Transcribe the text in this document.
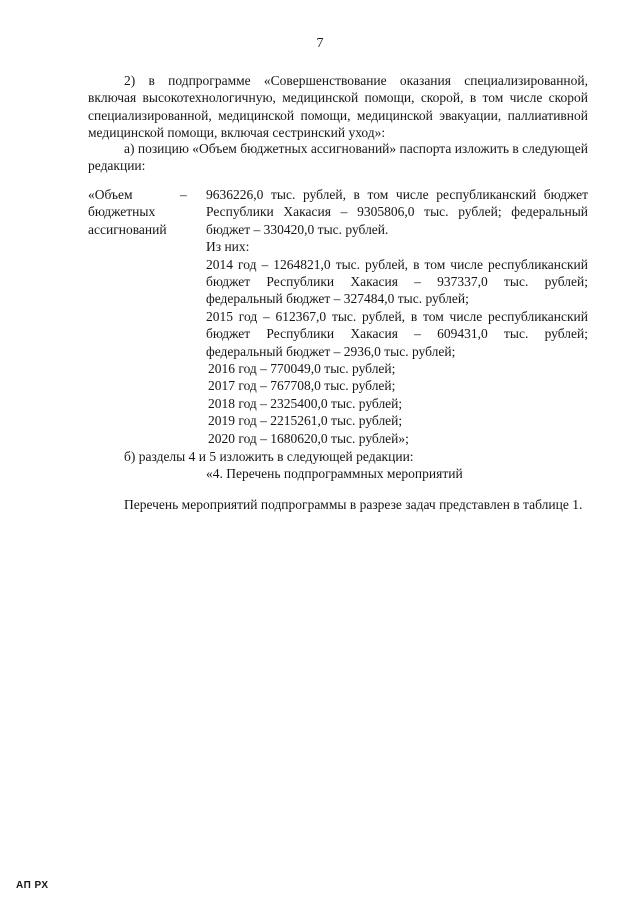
7
2) в подпрограмме «Совершенствование оказания специализированной, включая высокотехнологичную, медицинской помощи, скорой, в том числе скорой специализированной, медицинской помощи, медицинской эвакуации, паллиативной медицинской помощи, включая сестринский уход»:
а) позицию «Объем бюджетных ассигнований» паспорта изложить в следующей редакции:
«Объем бюджетных ассигнований
– 9636226,0 тыс. рублей, в том числе республиканский бюджет Республики Хакасия – 9305806,0 тыс. рублей; федеральный бюджет – 330420,0 тыс. рублей.
Из них:
2014 год – 1264821,0 тыс. рублей, в том числе республиканский бюджет Республики Хакасия – 937337,0 тыс. рублей; федеральный бюджет – 327484,0 тыс. рублей;
2015 год – 612367,0 тыс. рублей, в том числе республиканский бюджет Республики Хакасия – 609431,0 тыс. рублей; федеральный бюджет – 2936,0 тыс. рублей;
2016 год – 770049,0 тыс. рублей;
2017 год – 767708,0 тыс. рублей;
2018 год – 2325400,0 тыс. рублей;
2019 год – 2215261,0 тыс. рублей;
2020 год – 1680620,0 тыс. рублей»;
б) разделы 4 и 5 изложить в следующей редакции:
«4. Перечень подпрограммных мероприятий
Перечень мероприятий подпрограммы в разрезе задач представлен в таблице 1.
АП РХ
